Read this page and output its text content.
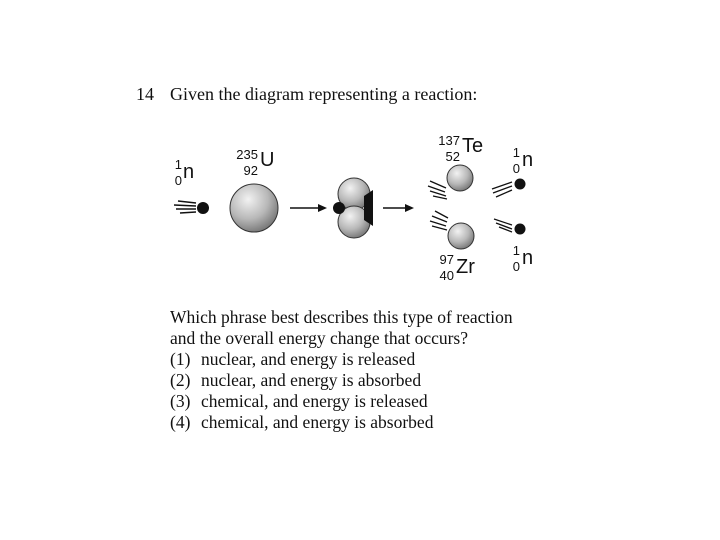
14 Given the diagram representing a reaction:
1
0 n
235
92 U
137
52 Te
97
40 Zr
1
0 n
1
0 n
Which phrase best describes this type of reaction
and the overall energy change that occurs?
(1) nuclear, and energy is released
(2) nuclear, and energy is absorbed
(3) chemical, and energy is released
(4) chemical, and energy is absorbed
